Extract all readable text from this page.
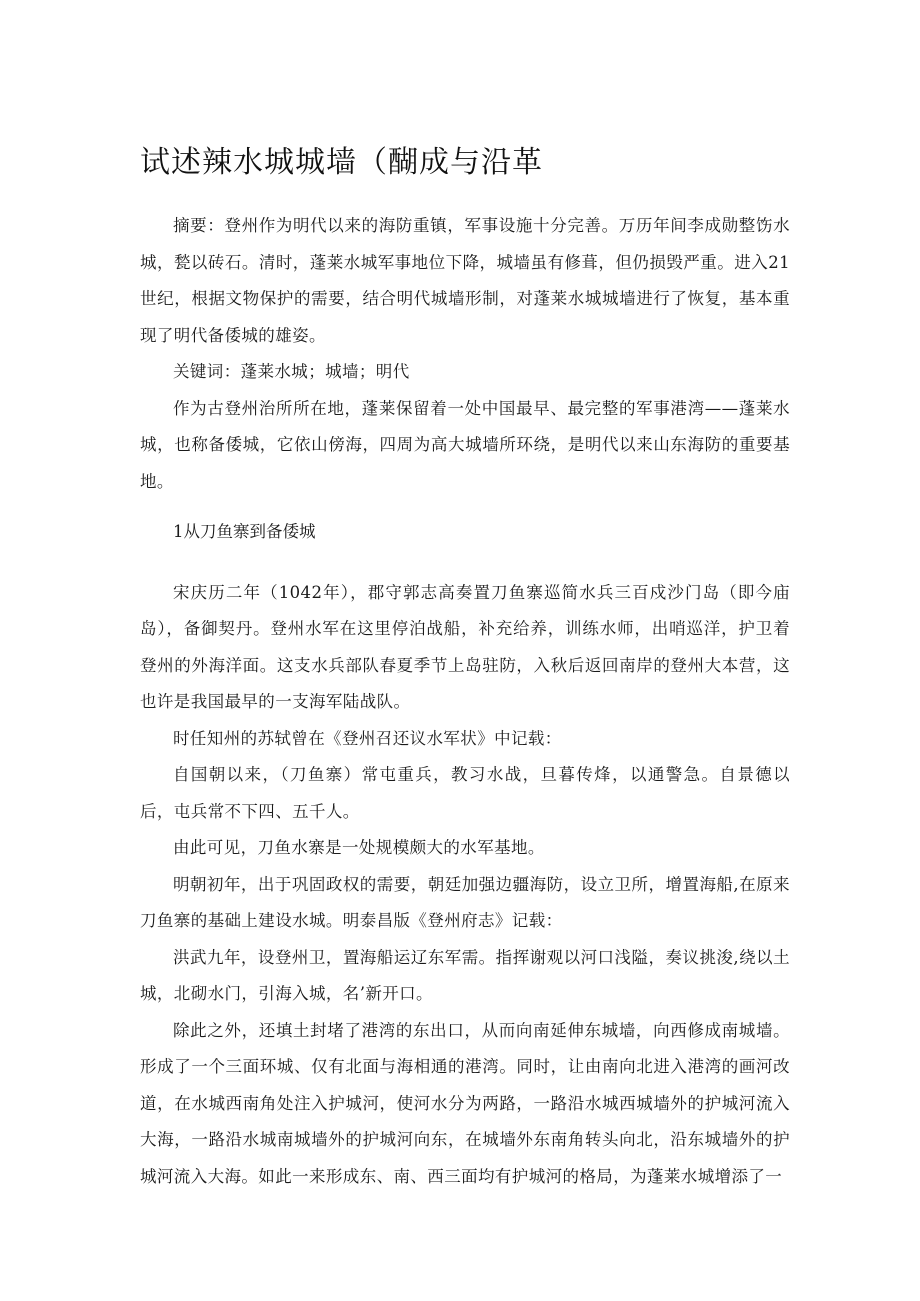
试述辣水城城墙（醐成与沿革

摘要：登州作为明代以来的海防重镇，军事设施十分完善。万历年间李成勋整饬水城，甃以砖石。清时，蓬莱水城军事地位下降，城墙虽有修葺，但仍损毁严重。进入21世纪，根据文物保护的需要，结合明代城墙形制，对蓬莱水城城墙进行了恢复，基本重现了明代备倭城的雄姿。

关键词：蓬莱水城；城墙；明代

作为古登州治所所在地，蓬莱保留着一处中国最早、最完整的军事港湾——蓬莱水城，也称备倭城，它依山傍海，四周为高大城墙所环绕，是明代以来山东海防的重要基地。

1从刀鱼寨到备倭城

宋庆历二年（1042年），郡守郭志高奏置刀鱼寨巡简水兵三百戍沙门岛（即今庙岛），备御契丹。登州水军在这里停泊战船，补充给养，训练水师，出哨巡洋，护卫着登州的外海洋面。这支水兵部队春夏季节上岛驻防，入秋后返回南岸的登州大本营，这也许是我国最早的一支海军陆战队。

时任知州的苏轼曾在《登州召还议水军状》中记载：

自国朝以来，（刀鱼寨）常屯重兵，教习水战，旦暮传烽，以通警急。自景德以后，屯兵常不下四、五千人。

由此可见，刀鱼水寨是一处规模颇大的水军基地。

明朝初年，出于巩固政权的需要，朝廷加强边疆海防，设立卫所，增置海船,在原来刀鱼寨的基础上建设水城。明泰昌版《登州府志》记载：

洪武九年，设登州卫，置海船运辽东军需。指挥谢观以河口浅隘，奏议挑浚,绕以土城，北砌水门，引海入城，名’新开口。

除此之外，还填土封堵了港湾的东出口，从而向南延伸东城墙，向西修成南城墙。形成了一个三面环城、仅有北面与海相通的港湾。同时，让由南向北进入港湾的画河改道，在水城西南角处注入护城河，使河水分为两路，一路沿水城西城墙外的护城河流入大海，一路沿水城南城墙外的护城河向东，在城墙外东南角转头向北，沿东城墙外的护城河流入大海。如此一来形成东、南、西三面均有护城河的格局，为蓬莱水城增添了一
